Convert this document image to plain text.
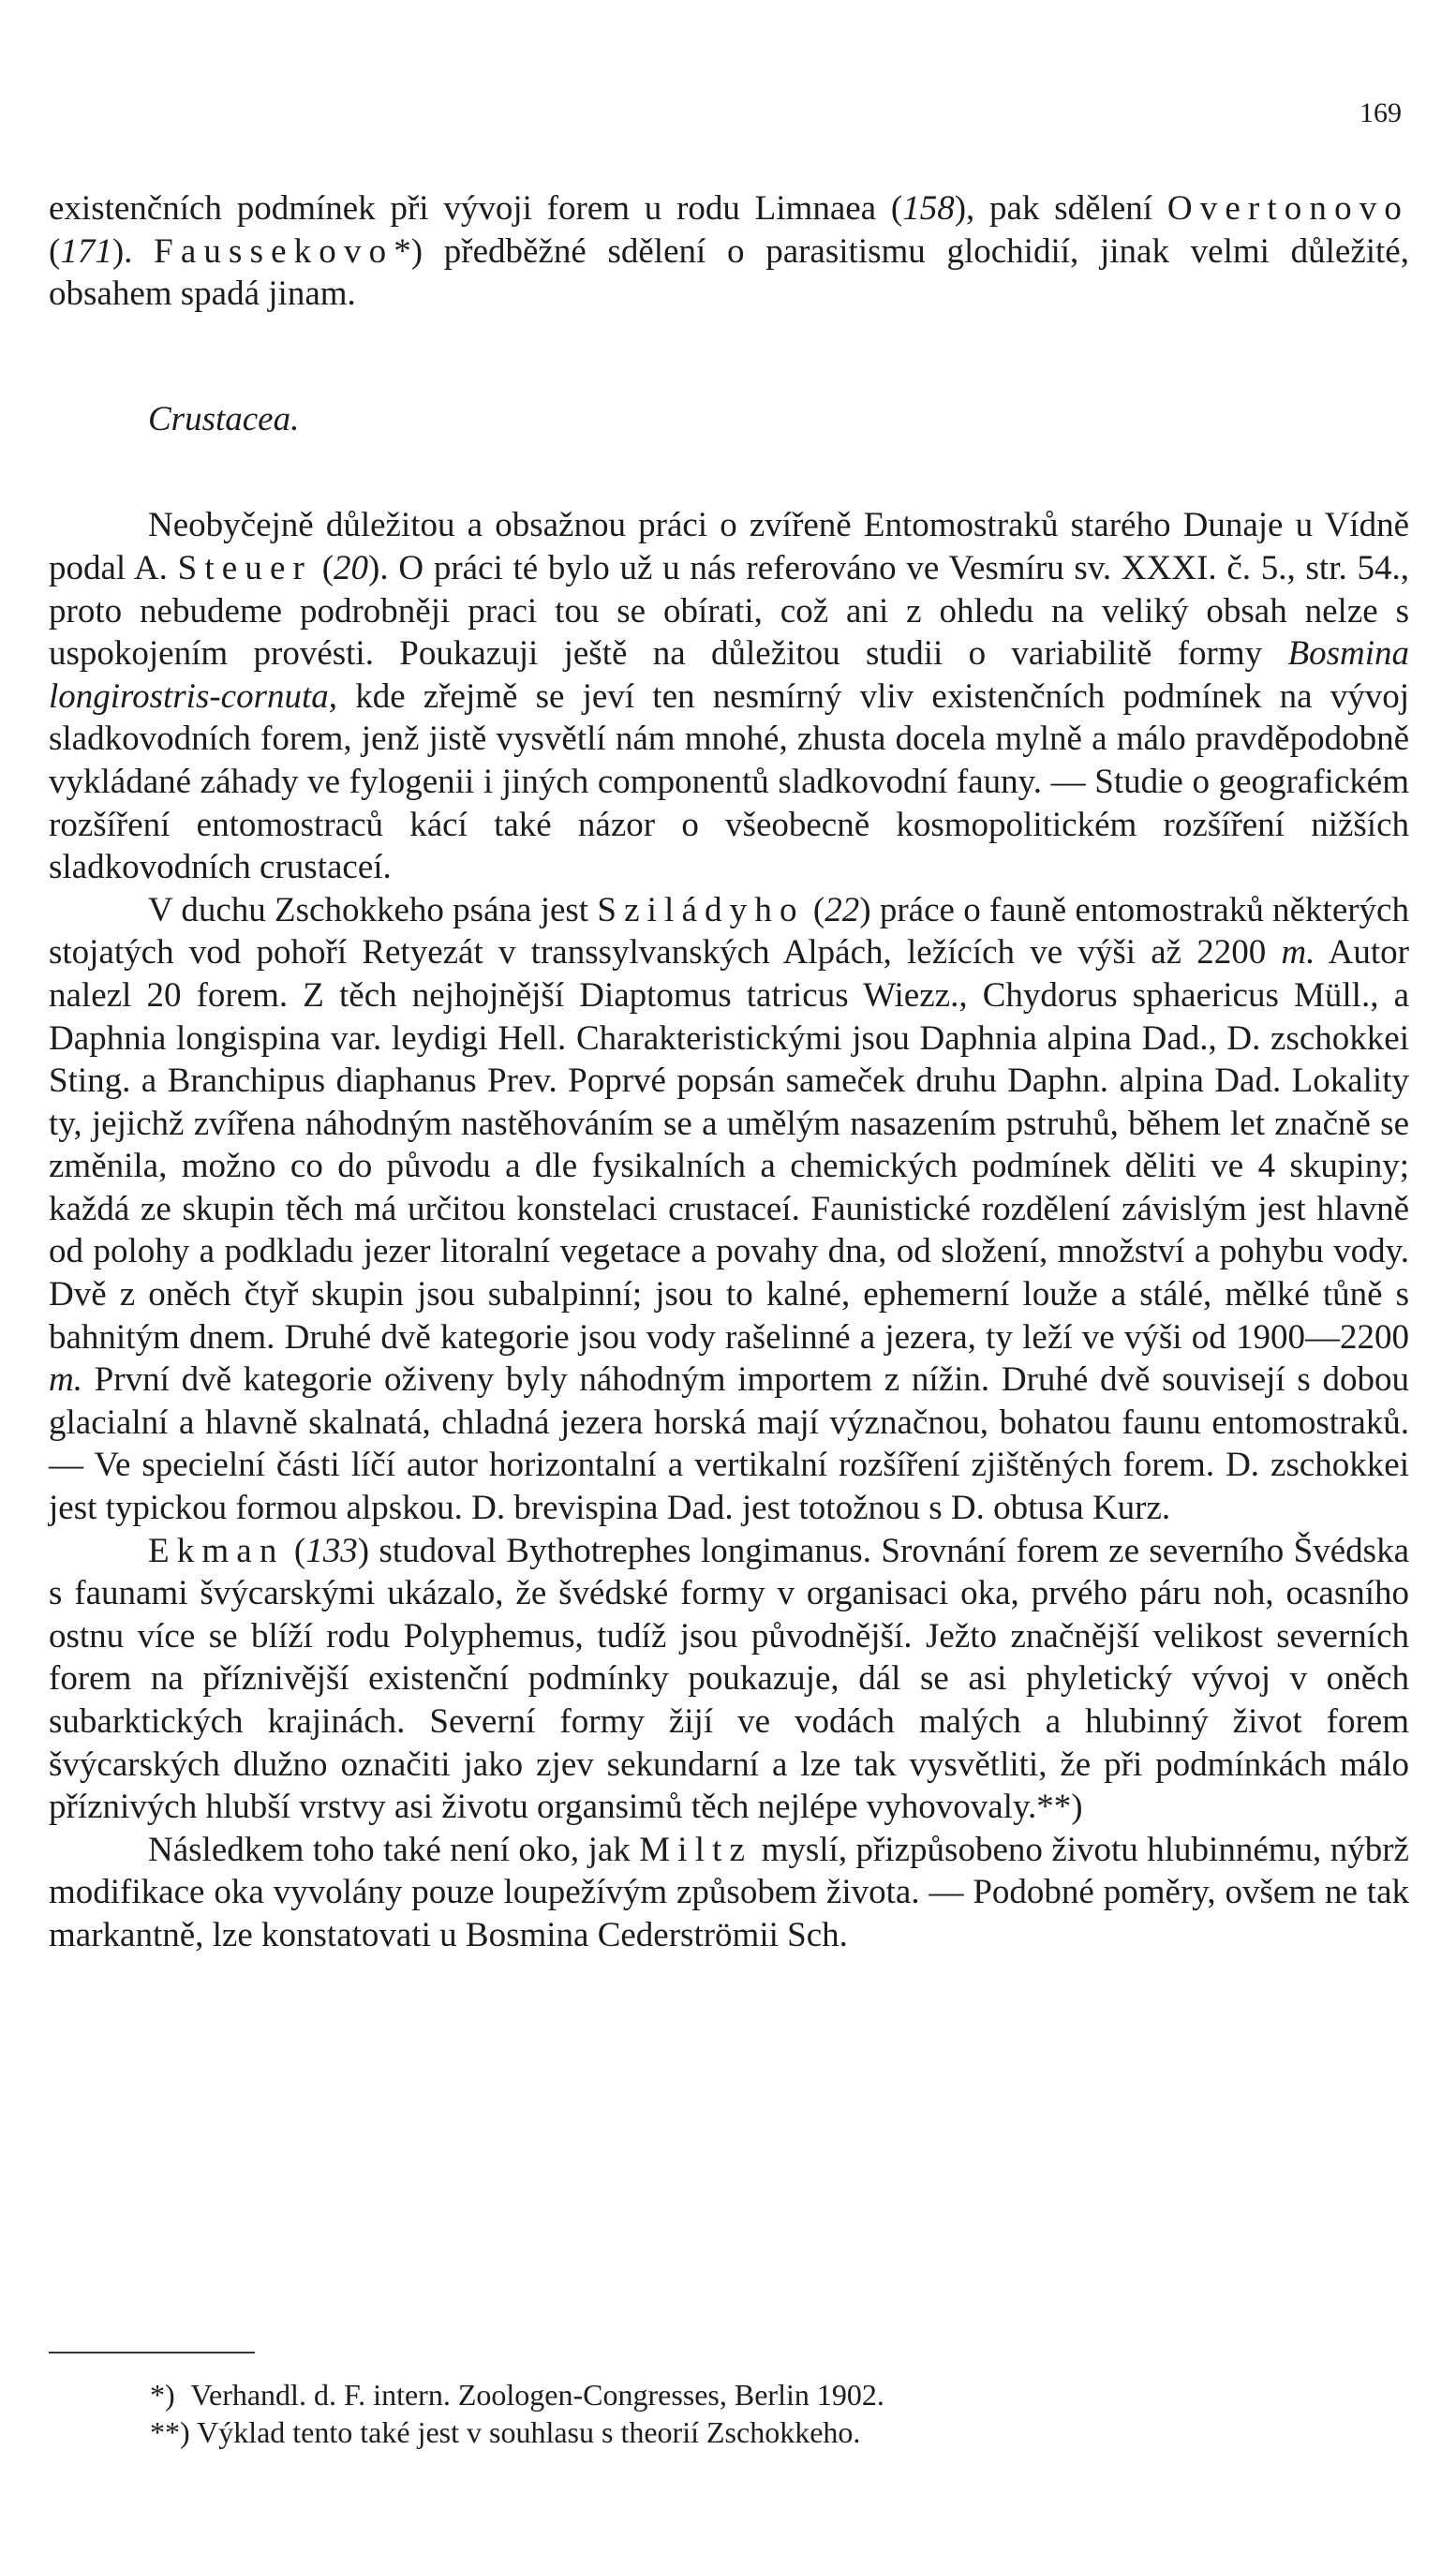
169

existenčních podmínek při vývoji forem u rodu Limnaea (158), pak sdělení Overtonovo (171). Faussekovo*) předběžné sdělení o parasitismu glochidií, jinak velmi důležité, obsahem spadá jinam.

Crustacea.

Neobyčejně důležitou a obsažnou práci o zvířeně Entomostraků starého Dunaje u Vídně podal A. Steuer (20). O práci té bylo už u nás referováno ve Vesmíru sv. XXXI. č. 5., str. 54., proto nebudeme podrobněji praci tou se obírati, což ani z ohledu na veliký obsah nelze s uspokojením provésti. Poukazuji ještě na důležitou studii o variabilitě formy Bosmina longirostris-cornuta, kde zřejmě se jeví ten nesmírný vliv existenčních podmínek na vývoj sladkovodních forem, jenž jistě vysvětlí nám mnohé, zhusta docela mylně a málo pravděpodobně vykládané záhady ve fylogenii i jiných componentů sladkovodní fauny. — Studie o geografickém rozšíření entomostraců kácí také názor o všeobecně kosmopolitickém rozšíření nižších sladkovodních crustaceí.

V duchu Zschokkeho psána jest Sziládyho (22) práce o fauně entomostraků některých stojatých vod pohoří Retyezát v transsylvanských Alpách, ležících ve výši až 2200 m. Autor nalezl 20 forem. Z těch nejhojnější Diaptomus tatricus Wiezz., Chydorus sphaericus Müll., a Daphnia longispina var. leydigi Hell. Charakteristickými jsou Daphnia alpina Dad., D. zschokkei Sting. a Branchipus diaphanus Prev. Poprvé popsán sameček druhu Daphn. alpina Dad. Lokality ty, jejichž zvířena náhodným nastěhováním se a umělým nasazením pstruhů, během let značně se změnila, možno co do původu a dle fysikalních a chemických podmínek děliti ve 4 skupiny; každá ze skupin těch má určitou konstelaci crustaceí. Faunistické rozdělení závislým jest hlavně od polohy a podkladu jezer litoralní vegetace a povahy dna, od složení, množství a pohybu vody. Dvě z oněch čtyř skupin jsou subalpinní; jsou to kalné, ephemerní louže a stálé, mělké tůně s bahnitým dnem. Druhé dvě kategorie jsou vody rašelinné a jezera, ty leží ve výši od 1900—2200 m. První dvě kategorie oživeny byly náhodným importem z nížin. Druhé dvě souvisejí s dobou glacialní a hlavně skalnatá, chladná jezera horská mají význačnou, bohatou faunu entomostraků. — Ve specielní části líčí autor horizontalní a vertikalní rozšíření zjištěných forem. D. zschokkei jest typickou formou alpskou. D. brevispina Dad. jest totožnou s D. obtusa Kurz.

Ekman (133) studoval Bythotrephes longimanus. Srovnání forem ze severního Švédska s faunami švýcarskými ukázalo, že švédské formy v organisaci oka, prvého páru noh, ocasního ostnu více se blíží rodu Polyphemus, tudíž jsou původnější. Ježto značnější velikost severních forem na příznivější existenční podmínky poukazuje, dál se asi phyletický vývoj v oněch subarktických krajinách. Severní formy žijí ve vodách malých a hlubinný život forem švýcarských dlužno označiti jako zjev sekundarní a lze tak vysvětliti, že při podmínkách málo příznivých hlubší vrstvy asi životu organsimů těch nejlépe vyhovovaly.**)

Následkem toho také není oko, jak Miltz myslí, přizpůsobeno životu hlubinnému, nýbrž modifikace oka vyvolány pouze loupežívým způsobem života. — Podobné poměry, ovšem ne tak markantně, lze konstatovati u Bosmina Cederströmii Sch.

*) Verhandl. d. F. intern. Zoologen-Congresses, Berlin 1902.

**) Výklad tento také jest v souhlasu s theorií Zschokkeho.
